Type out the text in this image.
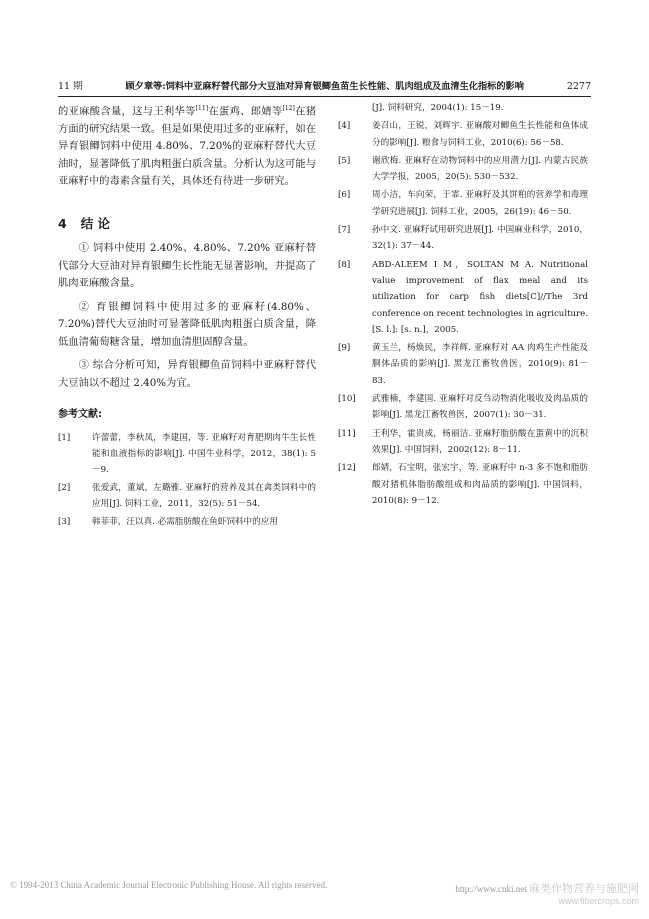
11 期	顾夕章等:饲料中亚麻籽替代部分大豆油对异育银鲫鱼苗生长性能、肌肉组成及血清生化指标的影响	2277

的亚麻酸含量，这与王利华等[11]在蛋鸡、郎婧等[12]在猪方面的研究结果一致。但是如果使用过多的亚麻籽，如在异育银鲫饲料中使用 4.80%、7.20%的亚麻籽替代大豆油时，显著降低了肌肉粗蛋白质含量。分析认为这可能与亚麻籽中的毒素含量有关，具体还有待进一步研究。

4 结 论

① 饲料中使用 2.40%、4.80%、7.20% 亚麻籽替代部分大豆油对异育银鲫生长性能无显著影响，并提高了肌肉亚麻酸含量。

② 育银鲫饲料中使用过多的亚麻籽(4.80%、7.20%)替代大豆油时可显著降低肌肉粗蛋白质含量，降低血清葡萄糖含量，增加血清胆固醇含量。

③ 综合分析可知，异育银鲫鱼苗饲料中亚麻籽替代大豆油以不超过 2.40%为宜。

参考文献:
[1]	许蕾蕾，李秋凤，李建国，等. 亚麻籽对育肥期肉牛生长性能和血液指标的影响[J]. 中国牛业科学，2012，38(1): 5－9.
[2]	张爱武，董斌，左璐雅. 亚麻籽的营养及其在禽类饲料中的应用[J]. 饲料工业，2011，32(5): 51－54.
[3]	韩菲菲，汪以真. 必需脂肪酸在鱼虾饲料中的应用
[J]. 饲料研究，2004(1): 15－19.
[4]	姜召山，王锐，刘辉宇. 亚麻酸对鲫鱼生长性能和鱼体成分的影响[J]. 粮食与饲料工业，2010(6): 56－58.
[5]	谢欣梅. 亚麻籽在动物饲料中的应用潜力[J]. 内蒙古民族大学学报，2005，20(5): 530－532.
[6]	周小洁，车向荣，于霏. 亚麻籽及其饼粕的营养学和毒理学研究进展[J]. 饲料工业，2005，26(19): 46－50.
[7]	孙中文. 亚麻籽试用研究进展[J]. 中国麻业科学，2010，32(1): 37－44.
[8]	ABD-ALEEM I M，SOLTAN M A. Nutritional value improvement of flax meal and its utilization for carp fish diets[C]//The 3rd conference on recent technologies in agriculture. [S. l.]: [s. n.]，2005.
[9]	黄玉兰，杨焕民，李祥辉. 亚麻籽对 AA 肉鸡生产性能及胴体品质的影响[J]. 黑龙江畜牧兽医，2010(9): 81－83.
[10]	武雅楠，李建国. 亚麻籽对反刍动物消化吸收及肉品质的影响[J]. 黑龙江畜牧兽医，2007(1): 30－31.
[11]	王利华，霍贵成，杨丽洁. 亚麻籽脂肪酸在蛋黄中的沉积效果[J]. 中国饲料，2002(12): 8－11.
[12]	郎婧，石宝明，张宏宇，等. 亚麻籽中 n-3 多不饱和脂肪酸对猪机体脂肪酸组成和肉品质的影响[J]. 中国饲料，2010(8): 9－12.
© 1994-2013 China Academic Journal Electronic Publishing House. All rights reserved.	http://www.cnki.net 麻类作物营养与施肥网
www.fibercrops.com
